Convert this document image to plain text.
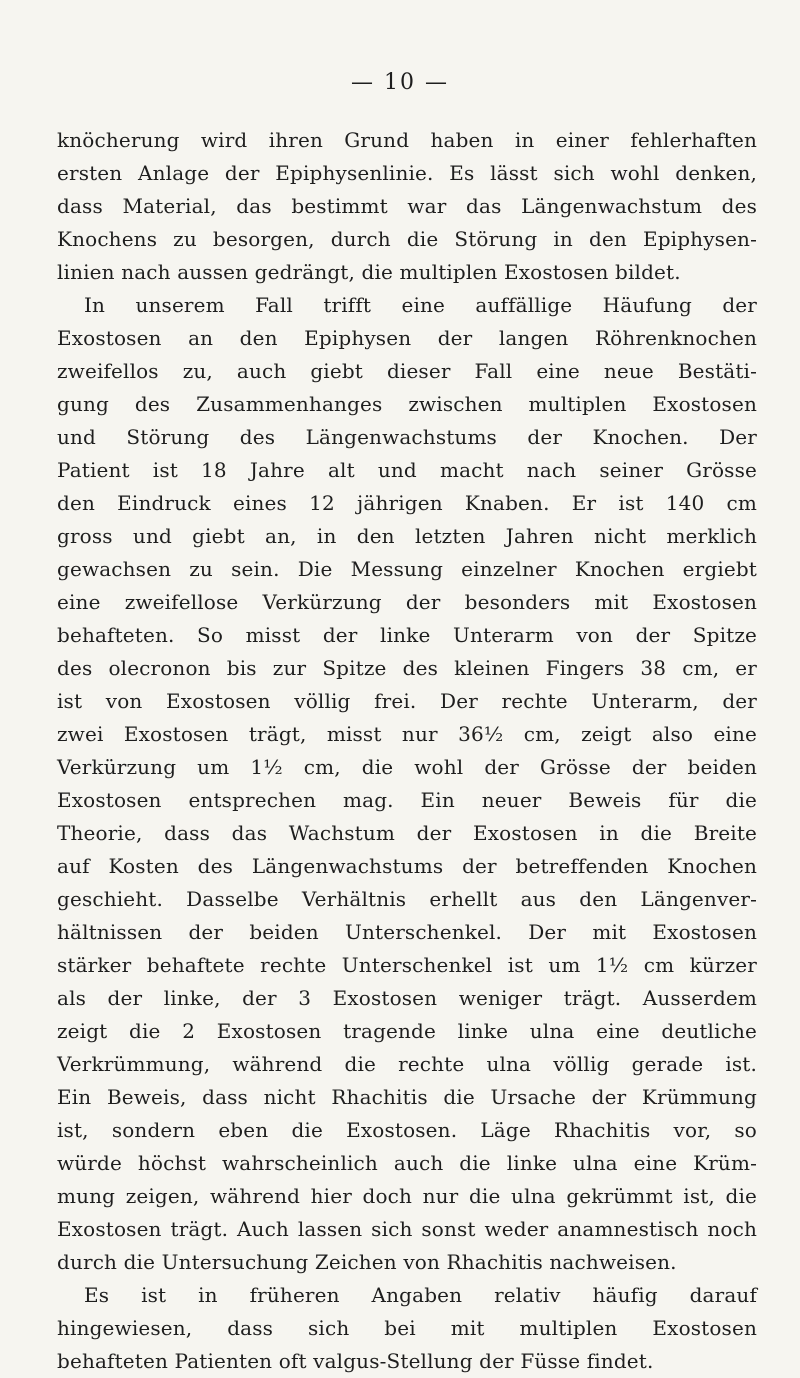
— 10 —
knöcherung wird ihren Grund haben in einer fehlerhaften
ersten Anlage der Epiphysenlinie. Es lässt sich wohl denken,
dass Material, das bestimmt war das Längenwachstum des
Knochens zu besorgen, durch die Störung in den Epiphysen-
linien nach aussen gedrängt, die multiplen Exostosen bildet.
In unserem Fall trifft eine auffällige Häufung der
Exostosen an den Epiphysen der langen Röhrenknochen
zweifellos zu, auch giebt dieser Fall eine neue Bestäti-
gung des Zusammenhanges zwischen multiplen Exostosen
und Störung des Längenwachstums der Knochen. Der
Patient ist 18 Jahre alt und macht nach seiner Grösse
den Eindruck eines 12 jährigen Knaben. Er ist 140 cm
gross und giebt an, in den letzten Jahren nicht merklich
gewachsen zu sein. Die Messung einzelner Knochen ergiebt
eine zweifellose Verkürzung der besonders mit Exostosen
behafteten. So misst der linke Unterarm von der Spitze
des olecronon bis zur Spitze des kleinen Fingers 38 cm, er
ist von Exostosen völlig frei. Der rechte Unterarm, der
zwei Exostosen trägt, misst nur 36½ cm, zeigt also eine
Verkürzung um 1½ cm, die wohl der Grösse der beiden
Exostosen entsprechen mag. Ein neuer Beweis für die
Theorie, dass das Wachstum der Exostosen in die Breite
auf Kosten des Längenwachstums der betreffenden Knochen
geschieht. Dasselbe Verhältnis erhellt aus den Längenver-
hältnissen der beiden Unterschenkel. Der mit Exostosen
stärker behaftete rechte Unterschenkel ist um 1½ cm kürzer
als der linke, der 3 Exostosen weniger trägt. Ausserdem
zeigt die 2 Exostosen tragende linke ulna eine deutliche
Verkrümmung, während die rechte ulna völlig gerade ist.
Ein Beweis, dass nicht Rhachitis die Ursache der Krümmung
ist, sondern eben die Exostosen. Läge Rhachitis vor, so
würde höchst wahrscheinlich auch die linke ulna eine Krüm-
mung zeigen, während hier doch nur die ulna gekrümmt ist, die
Exostosen trägt. Auch lassen sich sonst weder anamnestisch noch
durch die Untersuchung Zeichen von Rhachitis nachweisen.
Es ist in früheren Angaben relativ häufig darauf
hingewiesen, dass sich bei mit multiplen Exostosen
behafteten Patienten oft valgus-Stellung der Füsse findet.
